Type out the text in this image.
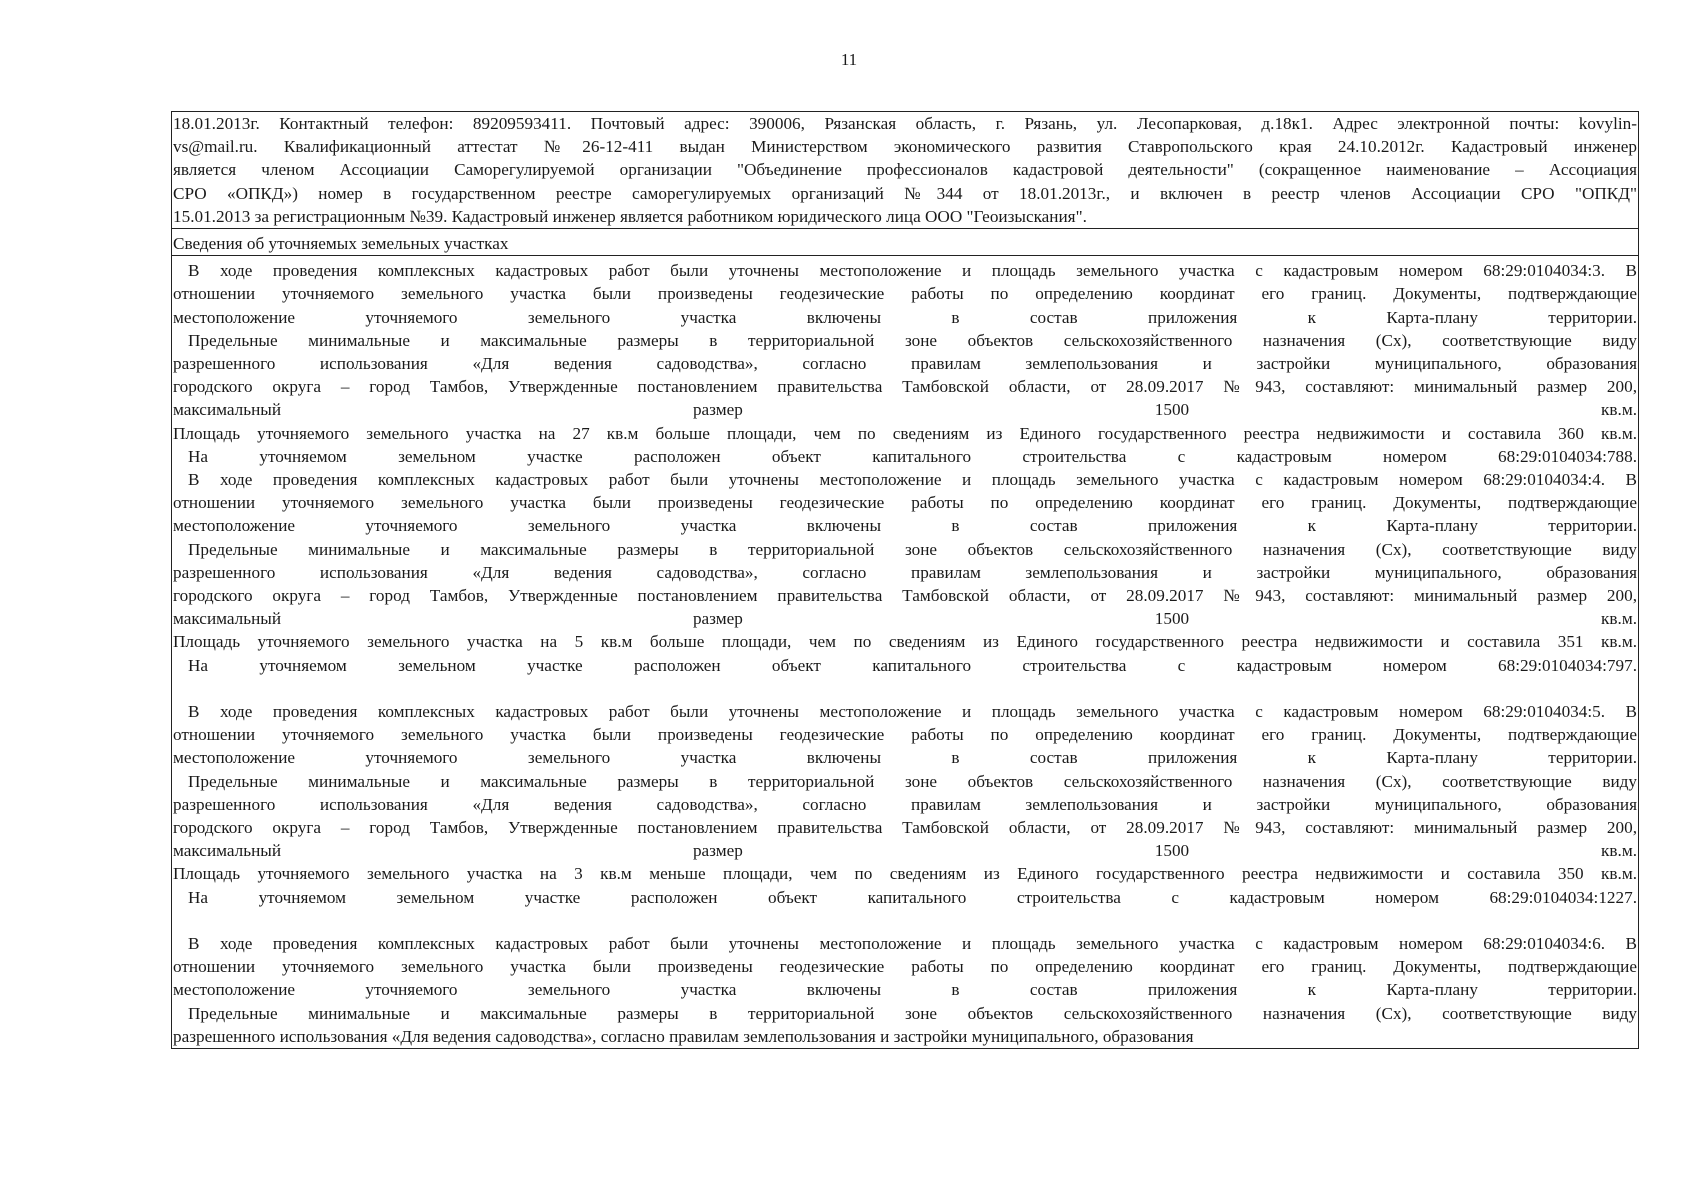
11
18.01.2013г. Контактный телефон: 89209593411. Почтовый адрес: 390006, Рязанская область, г. Рязань, ул. Лесопарковая, д.18к1. Адрес электронной почты: kovylin-
vs@mail.ru. Квалификационный аттестат №26-12-411 выдан Министерством экономического развития Ставропольского края 24.10.2012г. Кадастровый инженер
является членом Ассоциации Саморегулируемой организации "Объединение профессионалов кадастровой деятельности" (сокращенное наименование – Ассоциация
СРО «ОПКД») номер в государственном реестре саморегулируемых организаций №344 от 18.01.2013г., и включен в реестр членов Ассоциации СРО "ОПКД"
15.01.2013 за регистрационным №39. Кадастровый инженер является работником юридического лица ООО "Геоизыскания".
Сведения об уточняемых земельных участках
В ходе проведения комплексных кадастровых работ были уточнены местоположение и площадь земельного участка с кадастровым номером 68:29:0104034:3. В
отношении уточняемого земельного участка были произведены геодезические работы по определению координат его границ. Документы, подтверждающие
местоположение уточняемого земельного участка включены в состав приложения к Карта-плану территории.
Предельные минимальные и максимальные размеры в территориальной зоне объектов сельскохозяйственного назначения (Сх), соответствующие виду
разрешенного использования «Для ведения садоводства», согласно правилам землепользования и застройки муниципального, образования
городского округа – город Тамбов, Утвержденные постановлением правительства Тамбовской области, от 28.09.2017 №943, составляют: минимальный размер 200,
максимальный размер 1500 кв.м.
Площадь уточняемого земельного участка на 27 кв.м больше площади, чем по сведениям из Единого государственного реестра недвижимости и составила 360 кв.м.
На уточняемом земельном участке расположен объект капитального строительства с кадастровым номером 68:29:0104034:788.
В ходе проведения комплексных кадастровых работ были уточнены местоположение и площадь земельного участка с кадастровым номером 68:29:0104034:4. В
отношении уточняемого земельного участка были произведены геодезические работы по определению координат его границ. Документы, подтверждающие
местоположение уточняемого земельного участка включены в состав приложения к Карта-плану территории.
Предельные минимальные и максимальные размеры в территориальной зоне объектов сельскохозяйственного назначения (Сх), соответствующие виду
разрешенного использования «Для ведения садоводства», согласно правилам землепользования и застройки муниципального, образования
городского округа – город Тамбов, Утвержденные постановлением правительства Тамбовской области, от 28.09.2017 №943, составляют: минимальный размер 200,
максимальный размер 1500 кв.м.
Площадь уточняемого земельного участка на 5 кв.м больше площади, чем по сведениям из Единого государственного реестра недвижимости и составила 351 кв.м.
На уточняемом земельном участке расположен объект капитального строительства с кадастровым номером 68:29:0104034:797.
В ходе проведения комплексных кадастровых работ были уточнены местоположение и площадь земельного участка с кадастровым номером 68:29:0104034:5. В
отношении уточняемого земельного участка были произведены геодезические работы по определению координат его границ. Документы, подтверждающие
местоположение уточняемого земельного участка включены в состав приложения к Карта-плану территории.
Предельные минимальные и максимальные размеры в территориальной зоне объектов сельскохозяйственного назначения (Сх), соответствующие виду
разрешенного использования «Для ведения садоводства», согласно правилам землепользования и застройки муниципального, образования
городского округа – город Тамбов, Утвержденные постановлением правительства Тамбовской области, от 28.09.2017 №943, составляют: минимальный размер 200,
максимальный размер 1500 кв.м.
Площадь уточняемого земельного участка на 3 кв.м меньше площади, чем по сведениям из Единого государственного реестра недвижимости и составила 350 кв.м.
На уточняемом земельном участке расположен объект капитального строительства с кадастровым номером 68:29:0104034:1227.
В ходе проведения комплексных кадастровых работ были уточнены местоположение и площадь земельного участка с кадастровым номером 68:29:0104034:6. В
отношении уточняемого земельного участка были произведены геодезические работы по определению координат его границ. Документы, подтверждающие
местоположение уточняемого земельного участка включены в состав приложения к Карта-плану территории.
Предельные минимальные и максимальные размеры в территориальной зоне объектов сельскохозяйственного назначения (Сх), соответствующие виду
разрешенного использования «Для ведения садоводства», согласно правилам землепользования и застройки муниципального, образования
